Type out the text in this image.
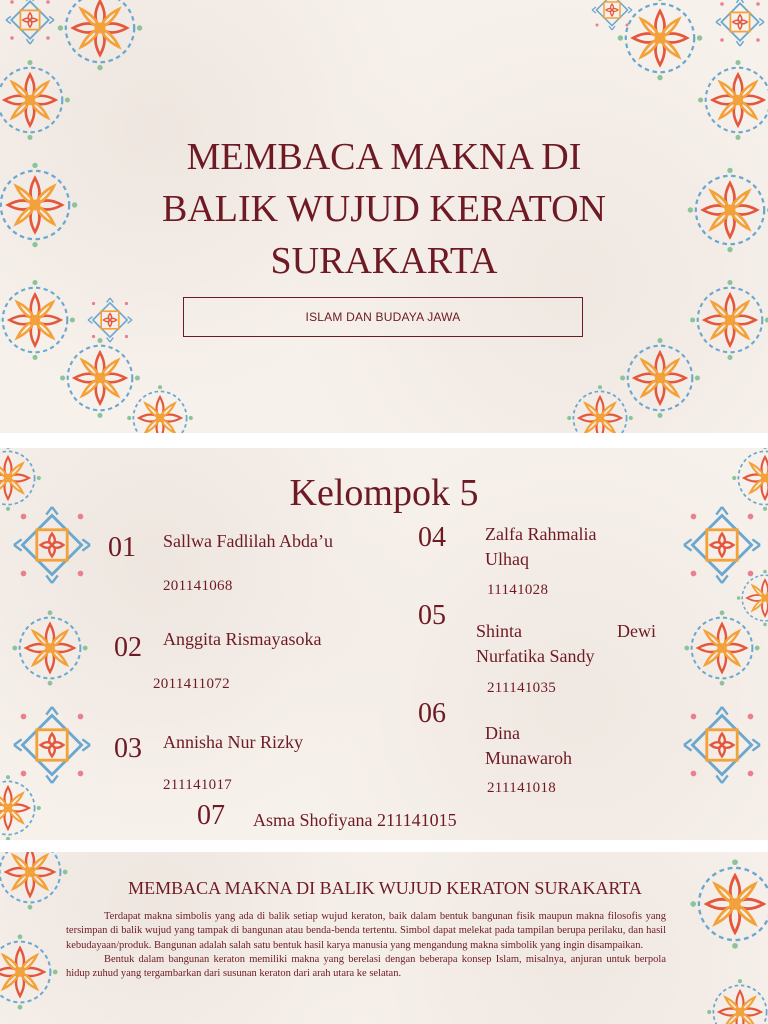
MEMBACA MAKNA DI
BALIK WUJUD KERATON
SURAKARTA
ISLAM DAN BUDAYA JAWA
Kelompok 5
01 Sallwa Fadlilah Abda’u
201141068
02 Anggita Rismayasoka
2011411072
03 Annisha Nur Rizky
211141017
04 Zalfa Rahmalia
Ulhaq
11141028
05 Shinta	Dewi
Nurfatika Sandy
211141035
06
Dina
Munawaroh
211141018
07 Asma Shofiyana 211141015
MEMBACA MAKNA DI BALIK WUJUD KERATON SURAKARTA

Terdapat makna simbolis yang ada di balik setiap wujud keraton, baik dalam bentuk bangunan fisik maupun makna filosofis yang tersimpan di balik wujud yang tampak di bangunan atau benda-benda tertentu. Simbol dapat melekat pada tampilan berupa perilaku, dan hasil kebudayaan/produk. Bangunan adalah salah satu bentuk hasil karya manusia yang mengandung makna simbolik yang ingin disampaikan.

Bentuk dalam bangunan keraton memiliki makna yang berelasi dengan beberapa konsep Islam, misalnya, anjuran untuk berpola hidup zuhud yang tergambarkan dari susunan keraton dari arah utara ke selatan.
